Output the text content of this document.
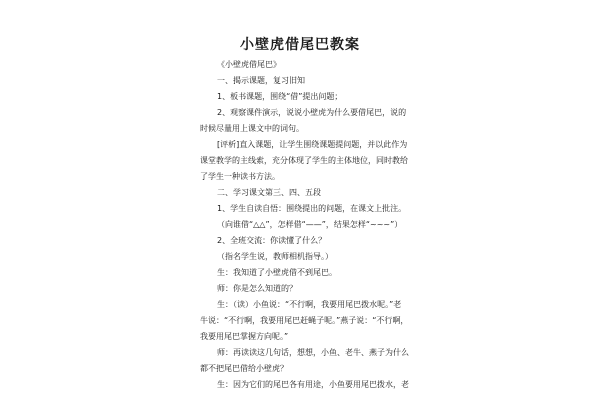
小壁虎借尾巴教案
《小壁虎借尾巴》
一、揭示课题，复习旧知
1、板书课题，围绕“借”提出问题；
2、观察课件演示，说说小壁虎为什么要借尾巴，说的
时候尽量用上课文中的词句。
[评析]直入课题，让学生围绕课题提问题，并以此作为
课堂教学的主线索，充分体现了学生的主体地位，同时教给
了学生一种读书方法。
二、学习课文第三、四、五段
1、学生自读自悟：围绕提出的问题，在课文上批注。
（向谁借“△△”，怎样借“——”，结果怎样“~~~”）
2、全班交流：你读懂了什么？
（指名学生说，教师相机指导。）
生：我知道了小壁虎借不到尾巴。
师：你是怎么知道的？
生：（读）小鱼说：“不行啊，我要用尾巴拨水呢。”老
牛说：“不行啊，我要用尾巴赶蝇子呢。”燕子说：“不行啊，
我要用尾巴掌握方向呢。”
师：再读读这几句话，想想，小鱼、老牛、燕子为什么
都不把尾巴借给小壁虎？
生：因为它们的尾巴各有用途，小鱼要用尾巴拨水，老
